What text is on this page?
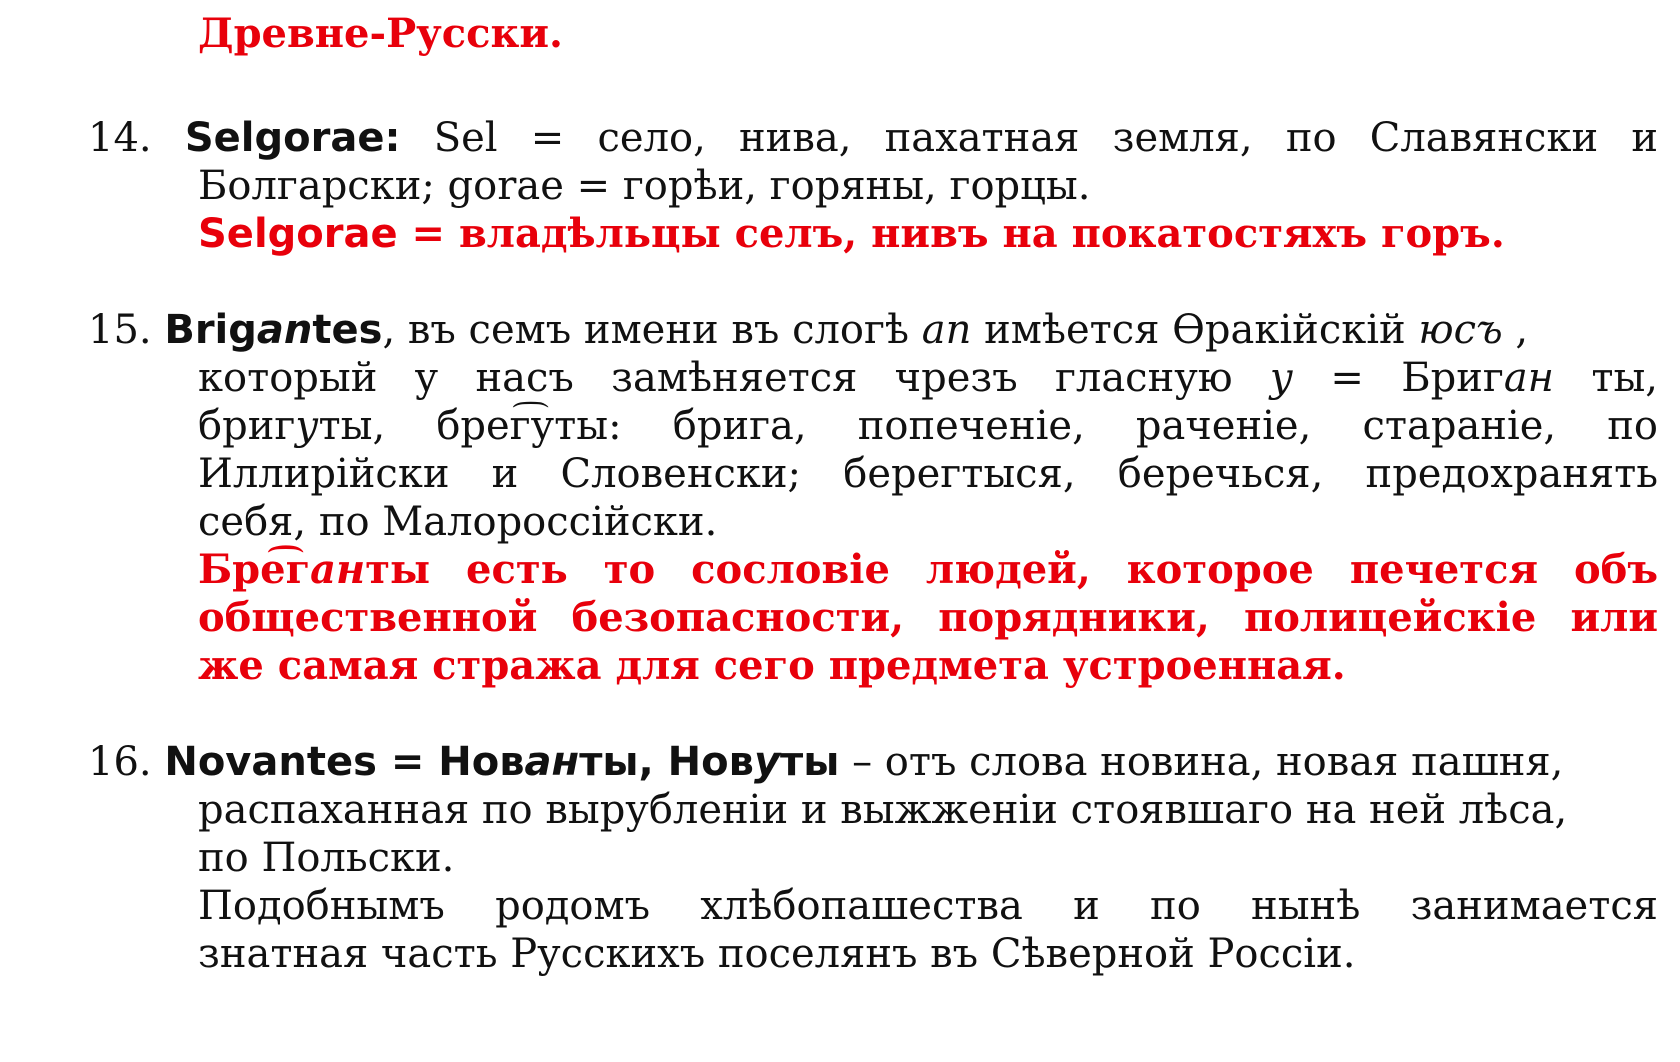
Древне-Русски.
14. Selgorae: Sel = село, нива, пахатная земля, по Славянски и
Болгарски; gorae = горѣи, горяны, горцы.
Selgorae = владѣльцы селъ, нивъ на покатостяхъ горъ.
15. Brigantes, въ семъ имени въ слогѣ an имѣется Ѳракійскій юсъ ,
который у насъ замѣняется чрезъ гласную у = Бриган ты,
бригуты, брег͡уты: брига, попеченіе, раченіе, стараніе, по
Иллирійски и Словенски; берегтыся, беречься, предохранять
себя, по Малороссійски.
Бре͡ганты есть то сословіе людей, которое печется объ
общественной безопасности, порядники, полицейскіе или
же самая стража для сего предмета устроенная.
16. Novantes = Нованты, Новуты – отъ слова новина, новая пашня,
распаханная по вырубленіи и выжженіи стоявшаго на ней лѣса,
по Польски.
Подобнымъ родомъ хлѣбопашества и по нынѣ занимается
знатная часть Русскихъ поселянъ въ Сѣверной Россіи.
